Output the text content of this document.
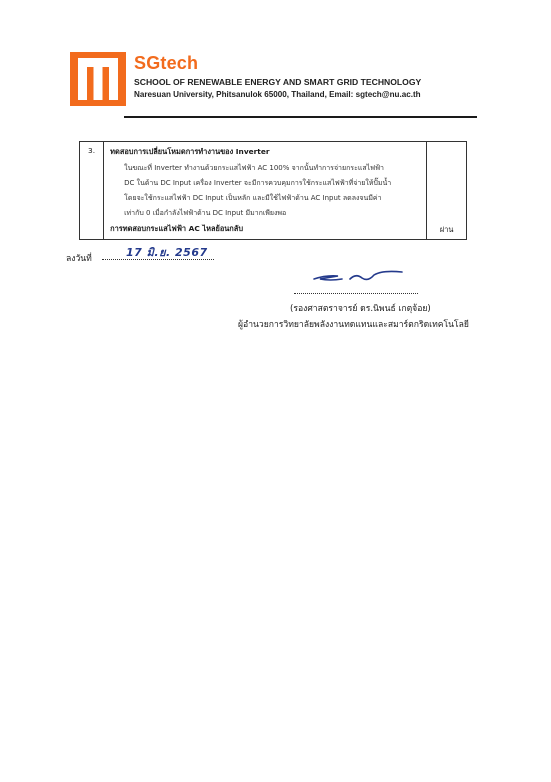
SGtech
SCHOOL OF RENEWABLE ENERGY AND SMART GRID TECHNOLOGY
Naresuan University, Phitsanulok 65000, Thailand, Email: sgtech@nu.ac.th
3.	ทดสอบการเปลี่ยนโหมดการทำงานของ Inverter
ในขณะที่ Inverter ทำงานด้วยกระแสไฟฟ้า AC 100% จากนั้นทำการจ่ายกระแสไฟฟ้า
DC ในด้าน DC Input เครื่อง Inverter จะมีการควบคุมการใช้กระแสไฟฟ้าที่จ่ายให้ปั๊มน้ำ
โดยจะใช้กระแสไฟฟ้า DC Input เป็นหลัก และมีใช้ไฟฟ้าด้าน AC Input ลดลงจนมีค่า
เท่ากับ 0 เมื่อกำลังไฟฟ้าด้าน DC Input มีมากเพียงพอ
การทดสอบกระแสไฟฟ้า AC ไหลย้อนกลับ	ผ่าน
ลงวันที่	17 มิ.ย. 2567
(รองศาสตราจารย์ ดร.นิพนธ์ เกตุจ้อย)
ผู้อำนวยการวิทยาลัยพลังงานทดแทนและสมาร์ตกริดเทคโนโลยี
